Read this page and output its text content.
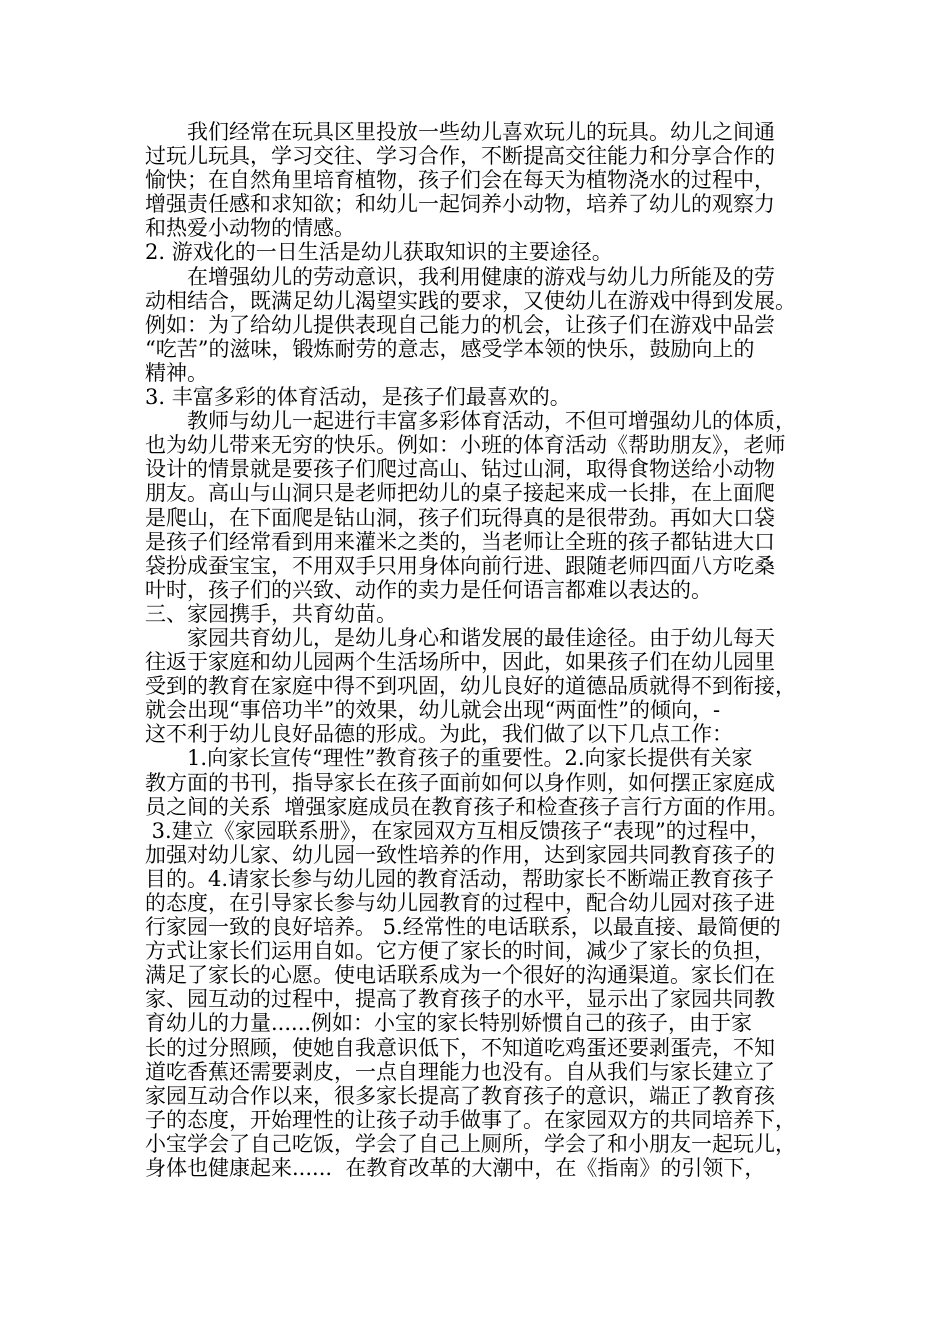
　　我们经常在玩具区里投放一些幼儿喜欢玩儿的玩具。幼儿之间通
过玩儿玩具，学习交往、学习合作，不断提高交往能力和分享合作的
愉快；在自然角里培育植物，孩子们会在每天为植物浇水的过程中，
增强责任感和求知欲；和幼儿一起饲养小动物，培养了幼儿的观察力
和热爱小动物的情感。
2. 游戏化的一日生活是幼儿获取知识的主要途径。
　　在增强幼儿的劳动意识，我利用健康的游戏与幼儿力所能及的劳
动相结合，既满足幼儿渴望实践的要求，又使幼儿在游戏中得到发展。
例如：为了给幼儿提供表现自己能力的机会，让孩子们在游戏中品尝
“吃苦”的滋味，锻炼耐劳的意志，感受学本领的快乐，鼓励向上的
精神。
3. 丰富多彩的体育活动，是孩子们最喜欢的。
　　教师与幼儿一起进行丰富多彩体育活动，不但可增强幼儿的体质，
也为幼儿带来无穷的快乐。例如：小班的体育活动《帮助朋友》，老师
设计的情景就是要孩子们爬过高山、钻过山洞，取得食物送给小动物
朋友。高山与山洞只是老师把幼儿的桌子接起来成一长排，在上面爬
是爬山，在下面爬是钻山洞，孩子们玩得真的是很带劲。再如大口袋
是孩子们经常看到用来灌米之类的，当老师让全班的孩子都钻进大口
袋扮成蚕宝宝，不用双手只用身体向前行进、跟随老师四面八方吃桑
叶时，孩子们的兴致、动作的卖力是任何语言都难以表达的。
三、家园携手，共育幼苗。
　　家园共育幼儿，是幼儿身心和谐发展的最佳途径。由于幼儿每天
往返于家庭和幼儿园两个生活场所中，因此，如果孩子们在幼儿园里
受到的教育在家庭中得不到巩固，幼儿良好的道德品质就得不到衔接，
就会出现“事倍功半”的效果，幼儿就会出现“两面性”的倾向，-
这不利于幼儿良好品德的形成。为此，我们做了以下几点工作：
　　1.向家长宣传“理性”教育孩子的重要性。2.向家长提供有关家
教方面的书刊，指导家长在孩子面前如何以身作则，如何摆正家庭成
员之间的关系  增强家庭成员在教育孩子和检查孩子言行方面的作用。
3.建立《家园联系册》，在家园双方互相反馈孩子“表现”的过程中，
加强对幼儿家、幼儿园一致性培养的作用，达到家园共同教育孩子的
目的。4.请家长参与幼儿园的教育活动，帮助家长不断端正教育孩子
的态度，在引导家长参与幼儿园教育的过程中，配合幼儿园对孩子进
行家园一致的良好培养。 5.经常性的电话联系，以最直接、最简便的
方式让家长们运用自如。它方便了家长的时间，减少了家长的负担，
满足了家长的心愿。使电话联系成为一个很好的沟通渠道。家长们在
家、园互动的过程中，提高了教育孩子的水平，显示出了家园共同教
育幼儿的力量......例如：小宝的家长特别娇惯自己的孩子，由于家
长的过分照顾，使她自我意识低下，不知道吃鸡蛋还要剥蛋壳，不知
道吃香蕉还需要剥皮，一点自理能力也没有。自从我们与家长建立了
家园互动合作以来，很多家长提高了教育孩子的意识，端正了教育孩
子的态度，开始理性的让孩子动手做事了。在家园双方的共同培养下，
小宝学会了自己吃饭，学会了自己上厕所，学会了和小朋友一起玩儿，
身体也健康起来......  在教育改革的大潮中，在《指南》的引领下，
